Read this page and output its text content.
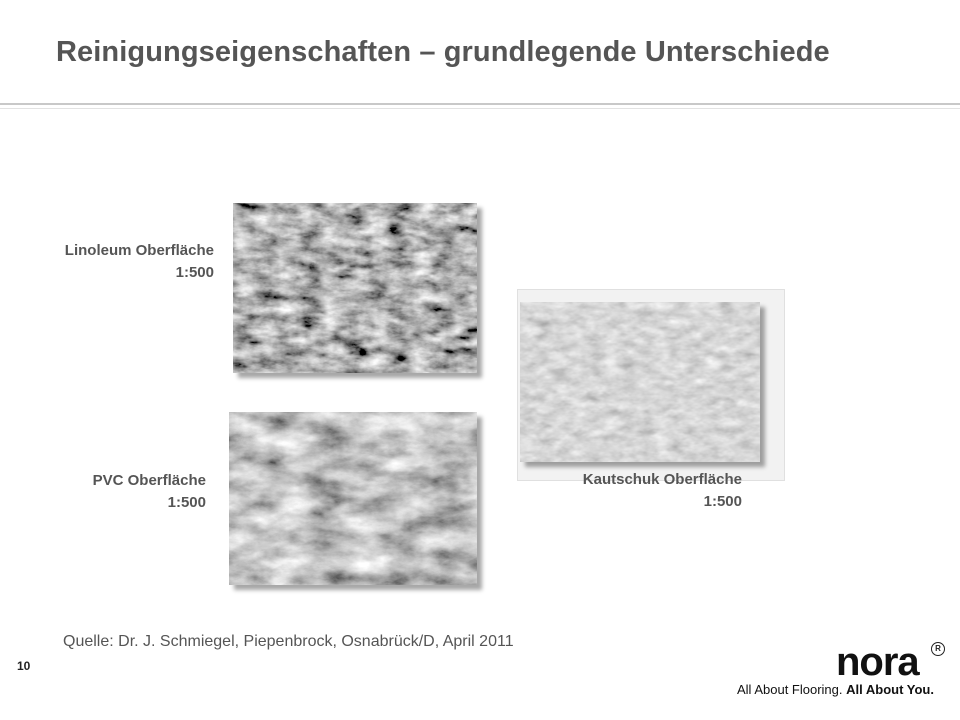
Reinigungseigenschaften – grundlegende Unterschiede
Linoleum Oberfläche
1:500
PVC Oberfläche
1:500
Kautschuk Oberfläche
1:500
Quelle: Dr. J. Schmiegel, Piepenbrock, Osnabrück/D, April 2011
10	nora	R
All About Flooring. All About You.
